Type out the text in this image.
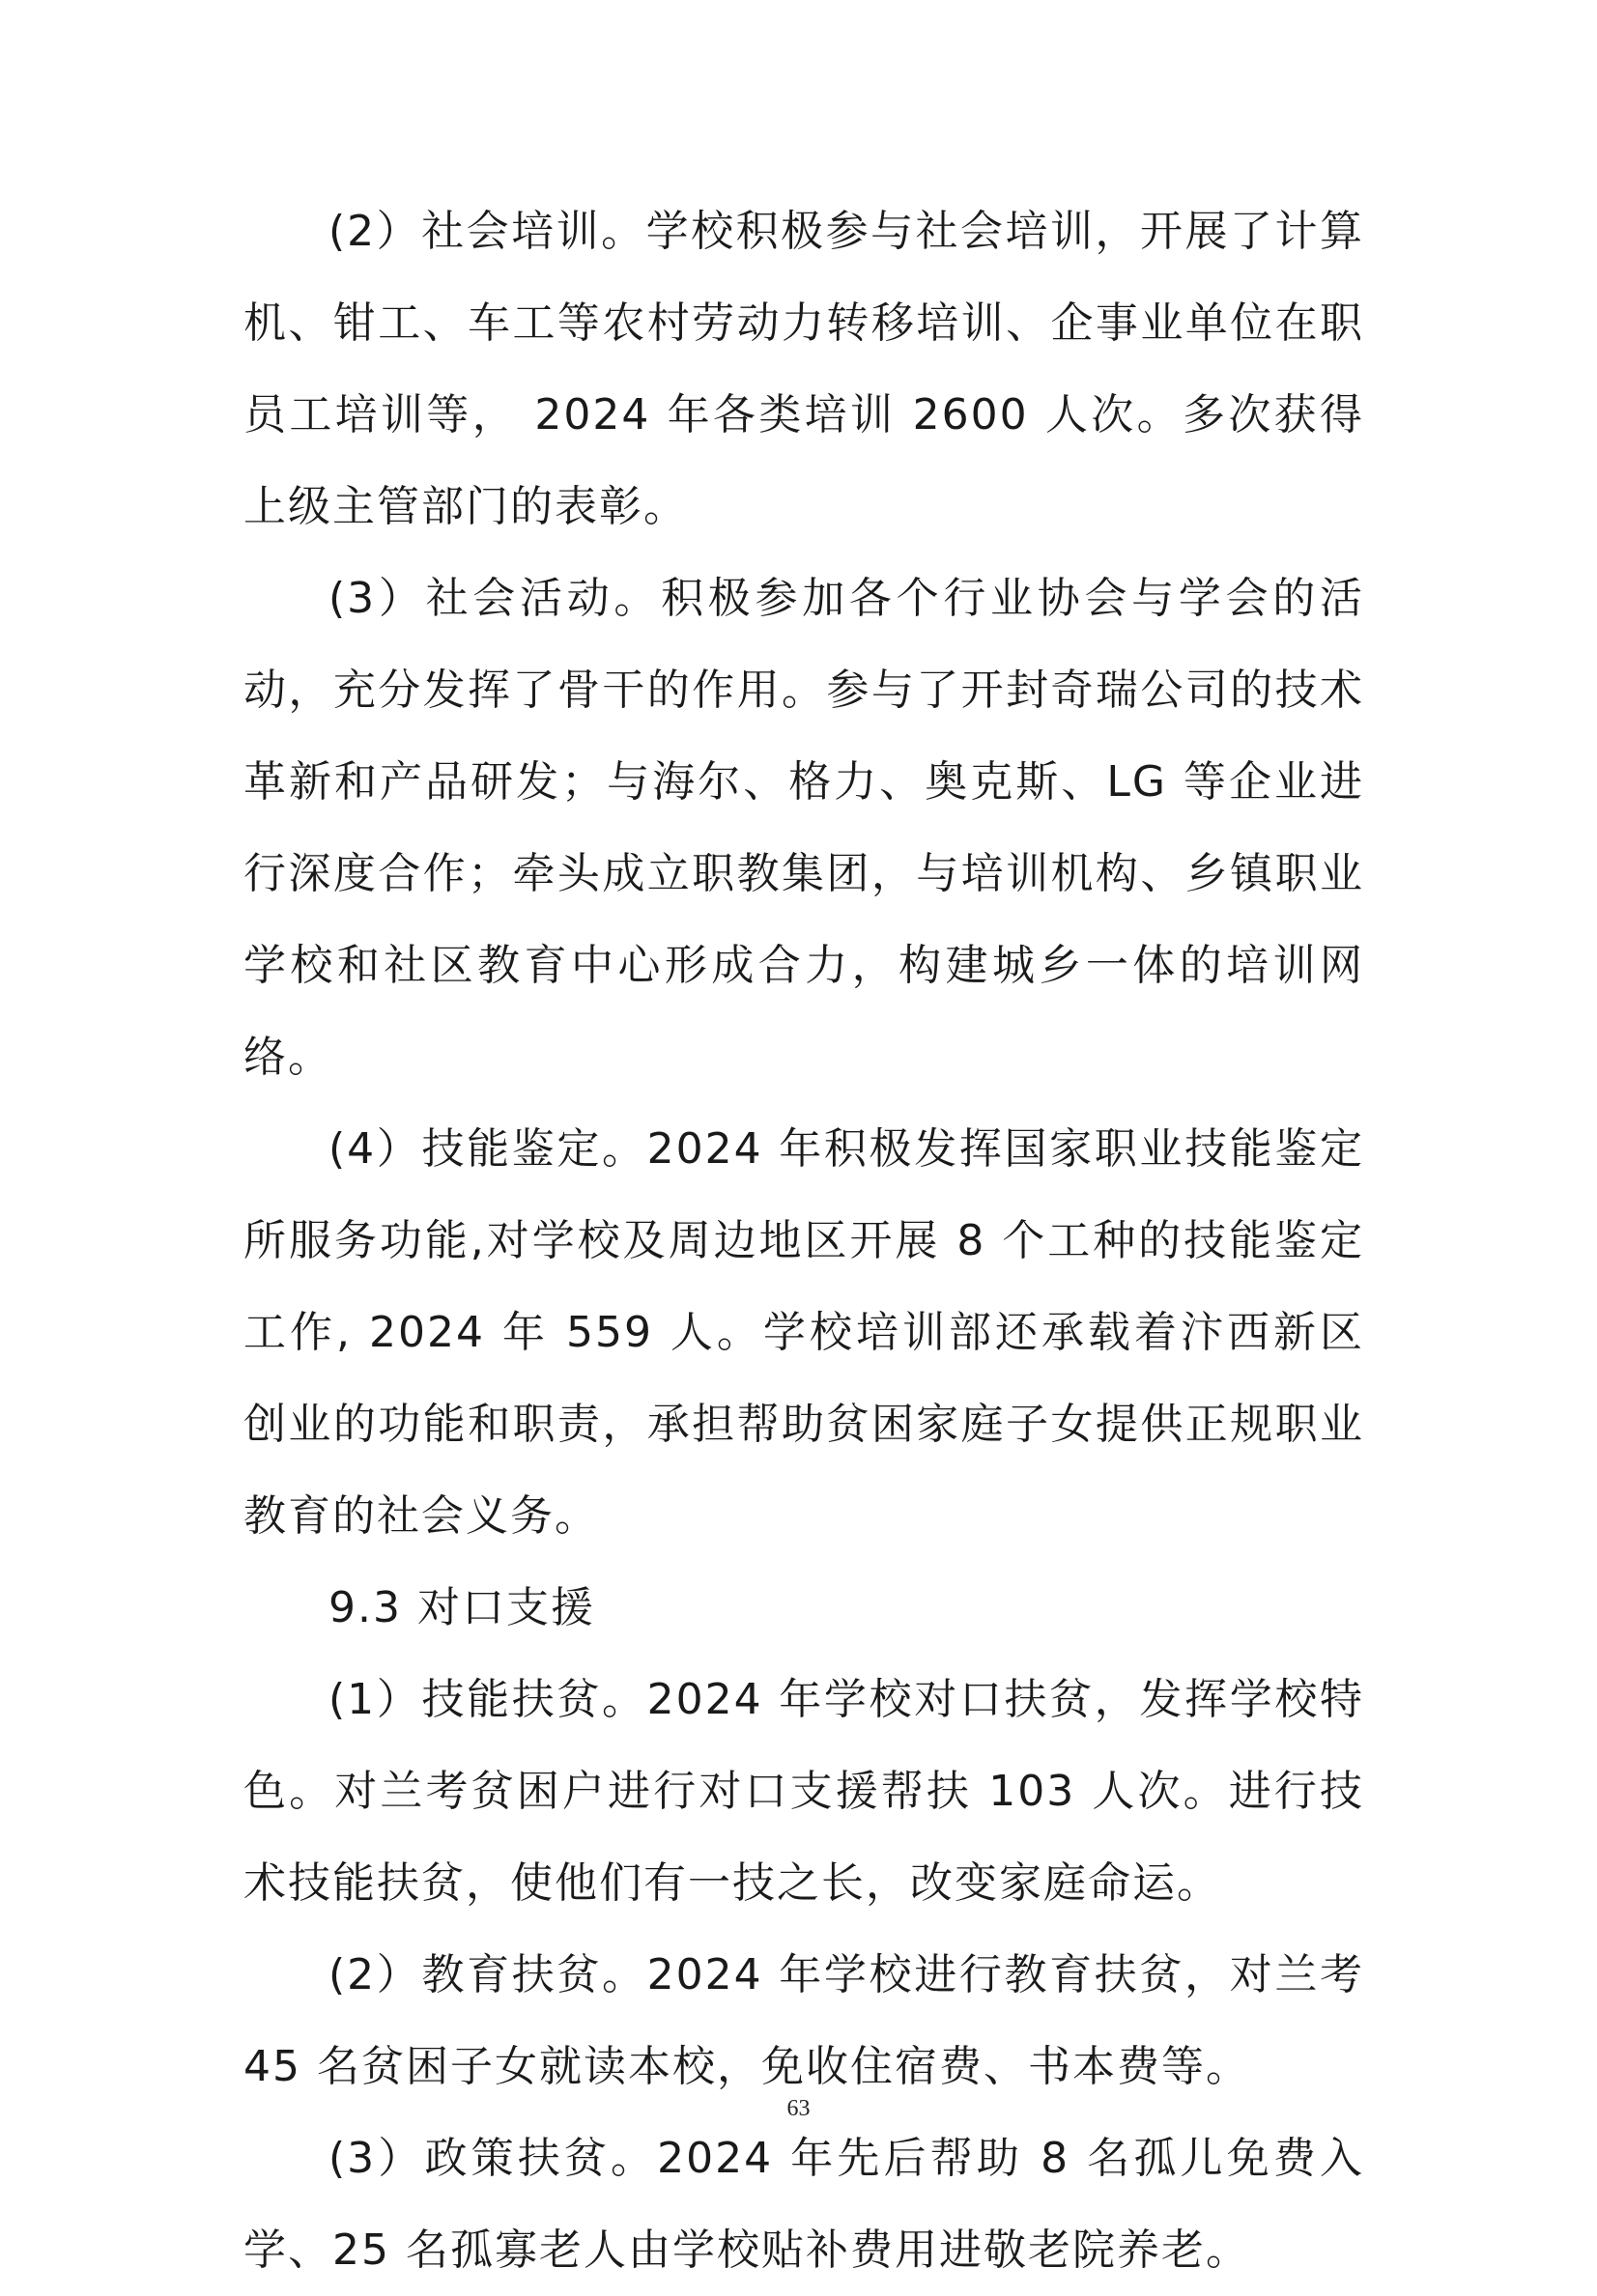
(2）社会培训。学校积极参与社会培训，开展了计算机、钳工、车工等农村劳动力转移培训、企事业单位在职员工培训等， 2024 年各类培训 2600 人次。多次获得上级主管部门的表彰。

(3）社会活动。积极参加各个行业协会与学会的活动，充分发挥了骨干的作用。参与了开封奇瑞公司的技术革新和产品研发；与海尔、格力、奥克斯、LG 等企业进行深度合作；牵头成立职教集团，与培训机构、乡镇职业学校和社区教育中心形成合力，构建城乡一体的培训网络。

(4）技能鉴定。2024 年积极发挥国家职业技能鉴定所服务功能,对学校及周边地区开展 8 个工种的技能鉴定工作, 2024 年 559 人。学校培训部还承载着汴西新区创业的功能和职责，承担帮助贫困家庭子女提供正规职业教育的社会义务。

9.3 对口支援

(1）技能扶贫。2024 年学校对口扶贫，发挥学校特色。对兰考贫困户进行对口支援帮扶 103 人次。进行技术技能扶贫，使他们有一技之长，改变家庭命运。

(2）教育扶贫。2024 年学校进行教育扶贫，对兰考 45 名贫困子女就读本校，免收住宿费、书本费等。

(3）政策扶贫。2024 年先后帮助 8 名孤儿免费入学、25 名孤寡老人由学校贴补费用进敬老院养老。

63
